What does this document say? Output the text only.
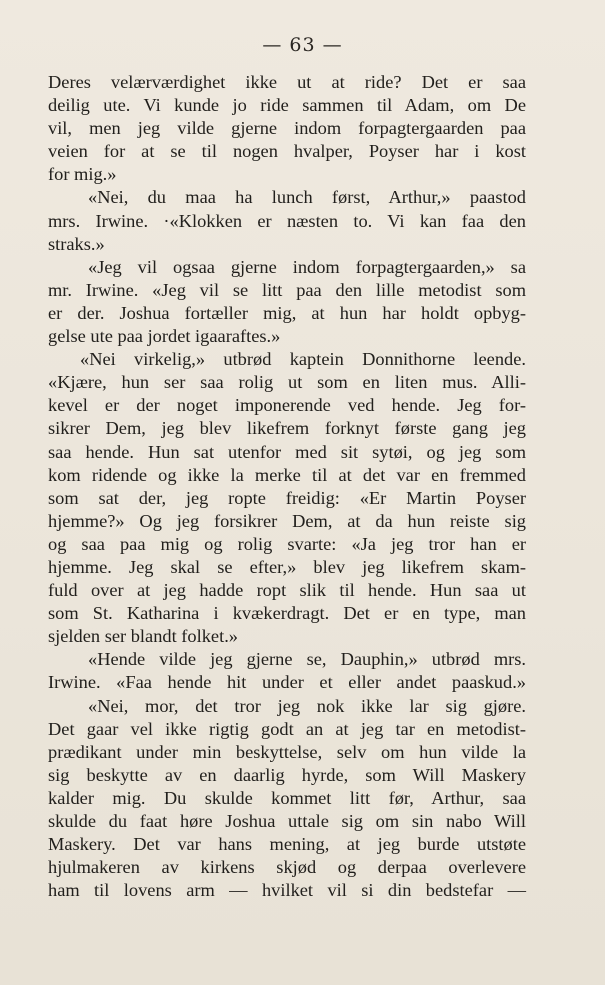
— 63 —
Deres velærværdighet ikke ut at ride? Det er saa
deilig ute. Vi kunde jo ride sammen til Adam, om De
vil, men jeg vilde gjerne indom forpagtergaarden paa
veien for at se til nogen hvalper, Poyser har i kost
for mig.»
«Nei, du maa ha lunch først, Arthur,» paastod
mrs. Irwine. ·«Klokken er næsten to. Vi kan faa den
straks.»
«Jeg vil ogsaa gjerne indom forpagtergaarden,» sa
mr. Irwine. «Jeg vil se litt paa den lille metodist som
er der. Joshua fortæller mig, at hun har holdt opbyg-
gelse ute paa jordet igaaraftes.»
«Nei virkelig,» utbrød kaptein Donnithorne leende.
«Kjære, hun ser saa rolig ut som en liten mus. Alli-
kevel er der noget imponerende ved hende. Jeg for-
sikrer Dem, jeg blev likefrem forknyt første gang jeg
saa hende. Hun sat utenfor med sit sytøi, og jeg som
kom ridende og ikke la merke til at det var en fremmed
som sat der, jeg ropte freidig: «Er Martin Poyser
hjemme?» Og jeg forsikrer Dem, at da hun reiste sig
og saa paa mig og rolig svarte: «Ja jeg tror han er
hjemme. Jeg skal se efter,» blev jeg likefrem skam-
fuld over at jeg hadde ropt slik til hende. Hun saa ut
som St. Katharina i kvækerdragt. Det er en type, man
sjelden ser blandt folket.»
«Hende vilde jeg gjerne se, Dauphin,» utbrød mrs.
Irwine. «Faa hende hit under et eller andet paaskud.»
«Nei, mor, det tror jeg nok ikke lar sig gjøre.
Det gaar vel ikke rigtig godt an at jeg tar en metodist-
prædikant under min beskyttelse, selv om hun vilde la
sig beskytte av en daarlig hyrde, som Will Maskery
kalder mig. Du skulde kommet litt før, Arthur, saa
skulde du faat høre Joshua uttale sig om sin nabo Will
Maskery. Det var hans mening, at jeg burde utstøte
hjulmakeren av kirkens skjød og derpaa overlevere
ham til lovens arm — hvilket vil si din bedstefar —
